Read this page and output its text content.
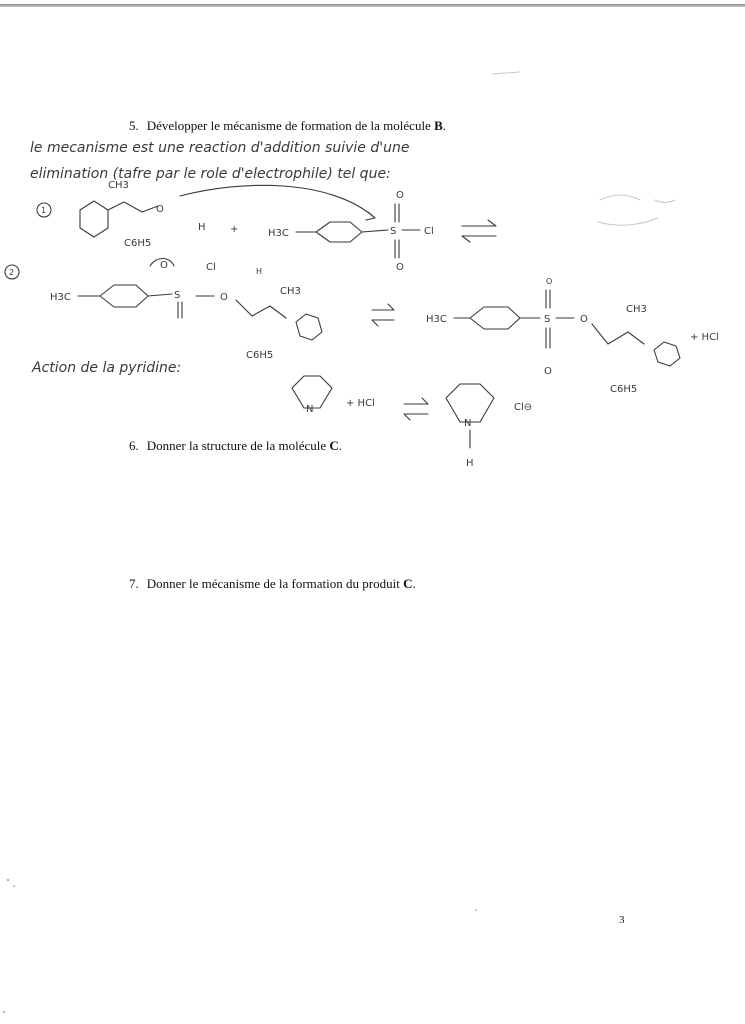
5. Développer le mécanisme de formation de la molécule B.

6. Donner la structure de la molécule C.

7. Donner le mécanisme de la formation du produit C.

3
le mecanisme est une reaction d'addition suivie d'une
elimination (tafre par le role d'electrophile) tel que:
1
CH3
O
C6H5
H +	H3C	S
O
O
Cl
2
H3C	S
O	Cl
O
H
CH3
C6H5
H3C	S
O
O
O
CH3
C6H5
+ HCl
Action de la pyridine:
N
+ HCl
N
H
Cl⊖
